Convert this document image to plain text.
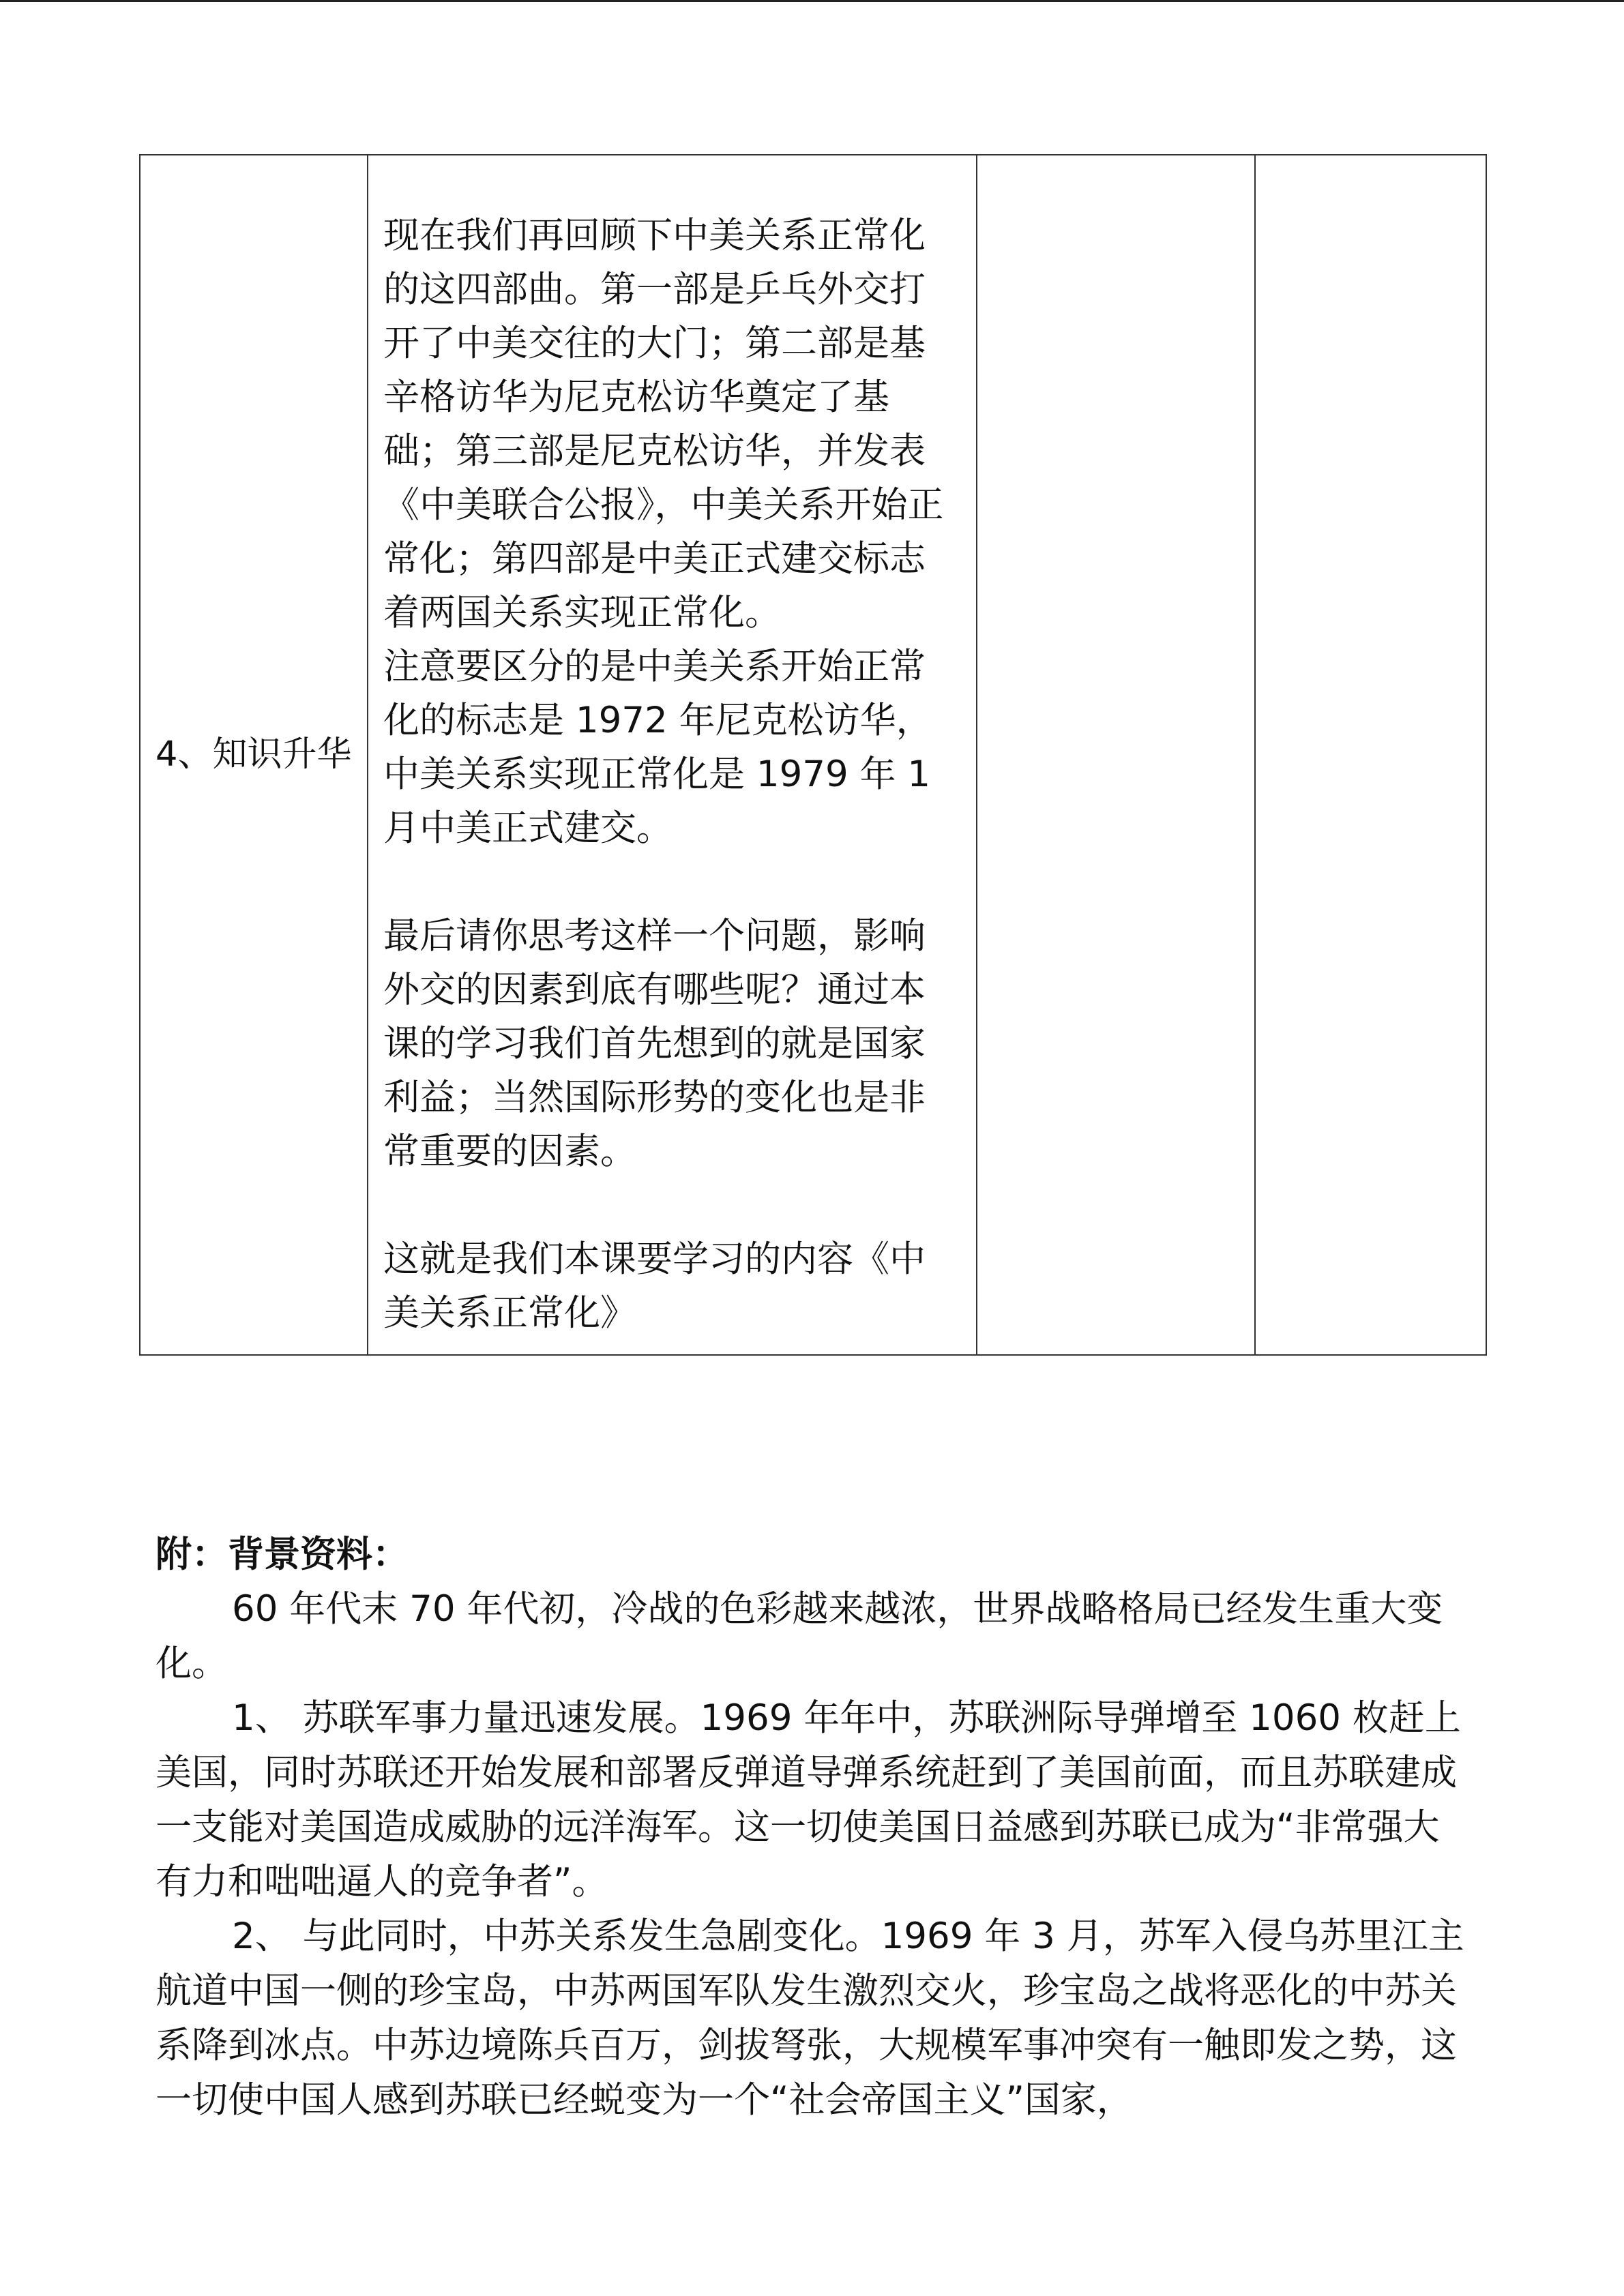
4、知识升华	

现在我们再回顾下中美关系正常化的这四部曲。第一部是乒乓外交打开了中美交往的大门；第二部是基辛格访华为尼克松访华奠定了基础；第三部是尼克松访华，并发表《中美联合公报》，中美关系开始正常化；第四部是中美正式建交标志着两国关系实现正常化。

注意要区分的是中美关系开始正常化的标志是 1972 年尼克松访华，中美关系实现正常化是 1979 年 1 月中美正式建交。

最后请你思考这样一个问题，影响外交的因素到底有哪些呢？通过本课的学习我们首先想到的就是国家利益；当然国际形势的变化也是非常重要的因素。

这就是我们本课要学习的内容《中美关系正常化》

附：背景资料：

60 年代末 70 年代初，冷战的色彩越来越浓，世界战略格局已经发生重大变化。

1、 苏联军事力量迅速发展。1969 年年中，苏联洲际导弹增至 1060 枚赶上美国，同时苏联还开始发展和部署反弹道导弹系统赶到了美国前面，而且苏联建成一支能对美国造成威胁的远洋海军。这一切使美国日益感到苏联已成为“非常强大有力和咄咄逼人的竞争者”。

2、 与此同时，中苏关系发生急剧变化。1969 年 3 月，苏军入侵乌苏里江主航道中国一侧的珍宝岛，中苏两国军队发生激烈交火，珍宝岛之战将恶化的中苏关系降到冰点。中苏边境陈兵百万，剑拔弩张，大规模军事冲突有一触即发之势，这一切使中国人感到苏联已经蜕变为一个“社会帝国主义”国家，
